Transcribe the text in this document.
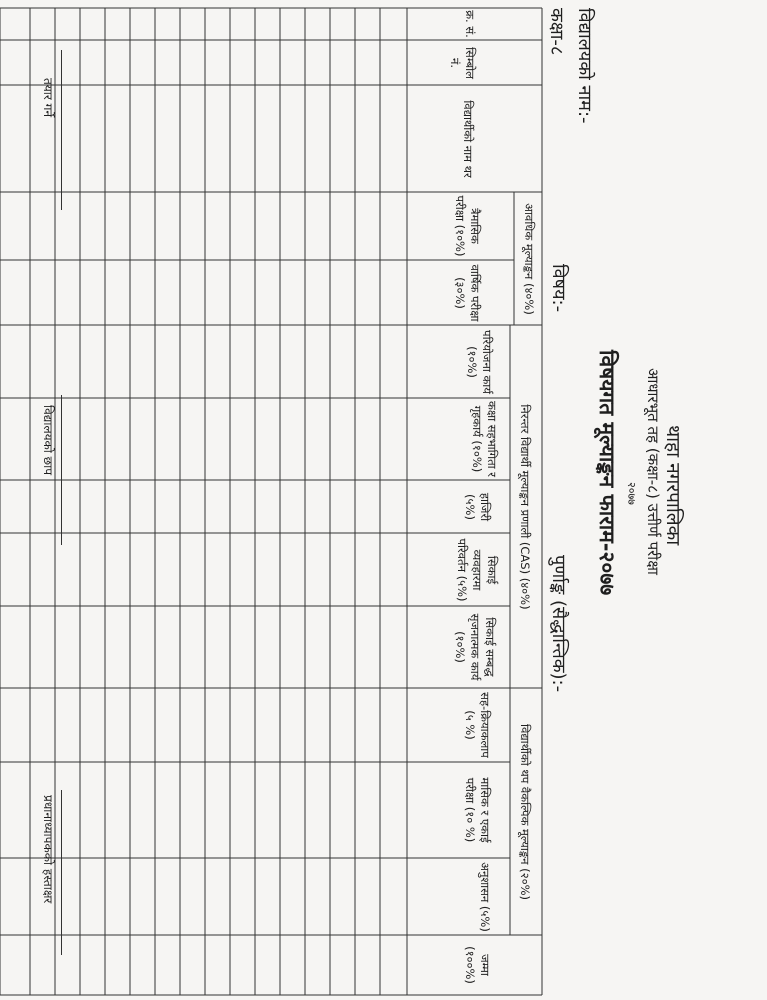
थाहा नगरपालिका
आधारभूत तह (कक्षा-८) उत्तीर्ण परीक्षा
२०७७
विषयगत मूल्याङ्कन फाराम-२०७७
विद्यालयको नाम:-
कक्षा-८
विषय:-
पुर्णाङ्क (सैद्धान्तिक):-
क्र. सं.
सिम्बोल नं.
विद्यार्थीको नाम थर
आवधिक मूल्याङ्कन (४०%)
त्रैमासिक परीक्षा (१०%)
वार्षिक परीक्षा (३०%)
निरन्तर विद्यार्थी मूल्याङ्कन प्रणाली (CAS) (४०%)
परियोजना कार्य (१०%)
कक्षा सहभागिता र गृहकार्य (१०%)
हाजिरी (५%)
सिकाई व्यवहारमा परिवर्तन (५%)
सिकाई सम्बद्ध सृजनात्मक कार्य (१०%)
विद्यार्थीको थप वैकल्पिक मूल्याङ्कन (२०%)
सह-क्रियाकलाप (५ %)
मासिक र एकाई परीक्षा (१० %)
अनुशासन (५%)
जम्मा (१००%)
तयार गर्ने
विद्यालयको छाप
प्रधानाध्यापकको हस्ताक्षर
